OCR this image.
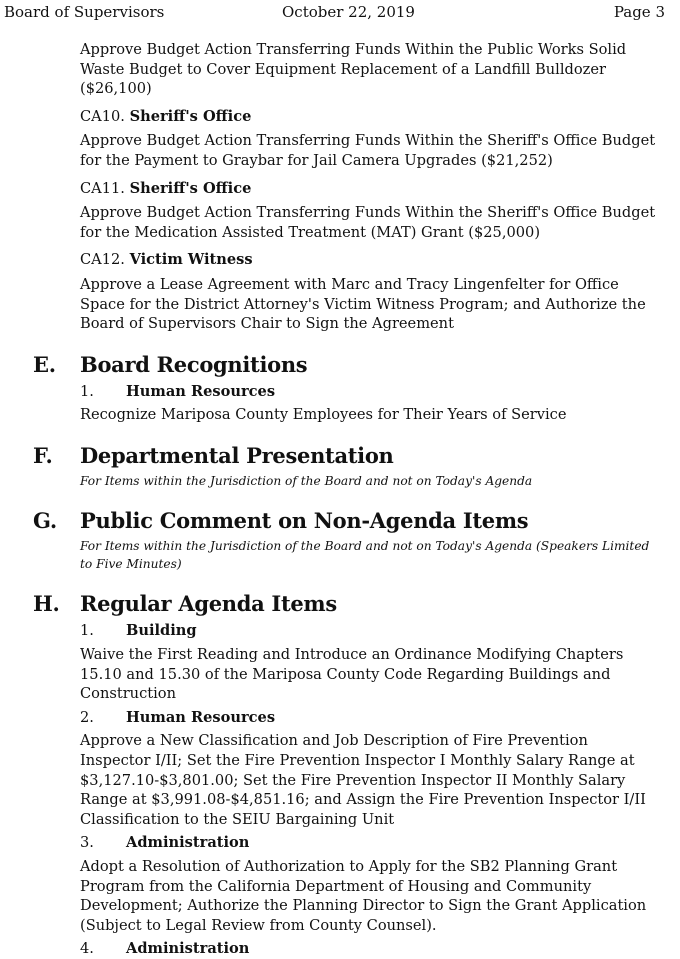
Board of Supervisors	October 22, 2019	Page 3

Approve Budget Action Transferring Funds Within the Public Works Solid Waste Budget to Cover Equipment Replacement of a Landfill Bulldozer ($26,100)

CA10. Sheriff's Office

Approve Budget Action Transferring Funds Within the Sheriff's Office Budget for the Payment to Graybar for Jail Camera Upgrades ($21,252)

CA11. Sheriff's Office

Approve Budget Action Transferring Funds Within the Sheriff's Office Budget for the Medication Assisted Treatment (MAT) Grant ($25,000)

CA12. Victim Witness

Approve a Lease Agreement with Marc and Tracy Lingenfelter for Office Space for the District Attorney's Victim Witness Program; and Authorize the Board of Supervisors Chair to Sign the Agreement

E. Board Recognitions

1. Human Resources

Recognize Mariposa County Employees for Their Years of Service

F. Departmental Presentation

For Items within the Jurisdiction of the Board and not on Today's Agenda

G. Public Comment on Non-Agenda Items

For Items within the Jurisdiction of the Board and not on Today's Agenda (Speakers Limited to Five Minutes)

H. Regular Agenda Items

1. Building

Waive the First Reading and Introduce an Ordinance Modifying Chapters 15.10 and 15.30 of the Mariposa County Code Regarding Buildings and Construction

2. Human Resources

Approve a New Classification and Job Description of Fire Prevention Inspector I/II; Set the Fire Prevention Inspector I Monthly Salary Range at $3,127.10-$3,801.00; Set the Fire Prevention Inspector II Monthly Salary Range at $3,991.08-$4,851.16; and Assign the Fire Prevention Inspector I/II Classification to the SEIU Bargaining Unit

3. Administration

Adopt a Resolution of Authorization to Apply for the SB2 Planning Grant Program from the California Department of Housing and Community Development; Authorize the Planning Director to Sign the Grant Application (Subject to Legal Review from County Counsel).

4. Administration
